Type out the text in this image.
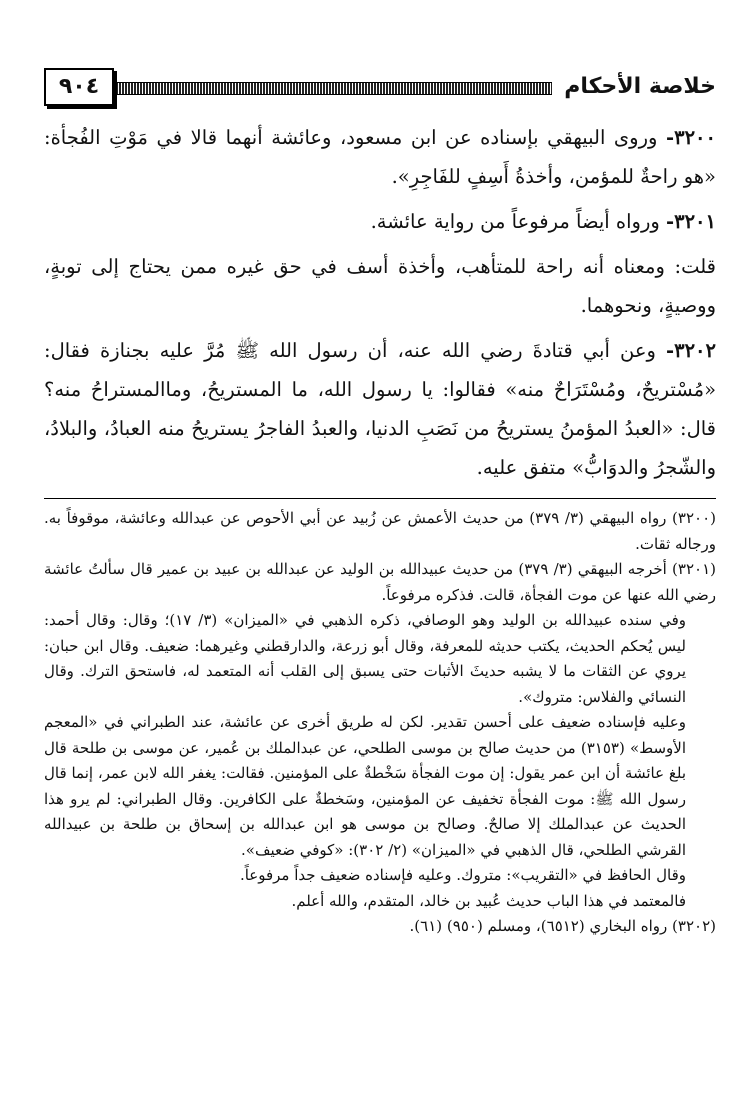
خلاصة الأحكام
٩٠٤

٣٢٠٠- وروى البيهقي بإسناده عن ابن مسعود، وعائشة أنهما قالا في مَوْتِ الفُجأة: «هو راحةٌ للمؤمن، وأخذةُ أَسِفٍ للفَاجِرِ».

٣٢٠١- ورواه أيضاً مرفوعاً من رواية عائشة.

قلت: ومعناه أنه راحة للمتأهب، وأخذة أسف في حق غيره ممن يحتاج إلى توبةٍ، ووصيةٍ، ونحوهما.

٣٢٠٢- وعن أبي قتادةَ رضي الله عنه، أن رسول الله ﷺ مُرَّ عليه بجنازة فقال: «مُسْتريحٌ، ومُسْتَرَاحٌ منه» فقالوا: يا رسول الله، ما المستريحُ، وماالمستراحُ منه؟ قال: «العبدُ المؤمنُ يستريحُ من نَصَبِ الدنيا، والعبدُ الفاجرُ يستريحُ منه العبادُ، والبلادُ، والشّجرُ والدوَابُّ» متفق عليه.

(٣٢٠٠) رواه البيهقي (٣/ ٣٧٩) من حديث الأعمش عن زُبيد عن أبي الأحوص عن عبدالله وعائشة، موقوفاً به. ورجاله ثقات.

(٣٢٠١) أخرجه البيهقي (٣/ ٣٧٩) من حديث عبيدالله بن الوليد عن عبدالله بن عبيد بن عمير قال سألتُ عائشة رضي الله عنها عن موت الفجأة، قالت. فذكره مرفوعاً.

وفي سنده عبيدالله بن الوليد وهو الوصافي، ذكره الذهبي في «الميزان» (٣/ ١٧)؛ وقال: وقال أحمد: ليس يُحكم الحديث، يكتب حديثه للمعرفة، وقال أبو زرعة، والدارقطني وغيرهما: ضعيف. وقال ابن حبان: يروي عن الثقات ما لا يشبه حديثَ الأثبات حتى يسبق إلى القلب أنه المتعمد له، فاستحق الترك. وقال النسائي والفلاس: متروك».

وعليه فإسناده ضعيف على أحسن تقدير. لكن له طريق أخرى عن عائشة، عند الطبراني في «المعجم الأوسط» (٣١٥٣) من حديث صالح بن موسى الطلحي، عن عبدالملك بن عُمير، عن موسى بن طلحة قال بلغ عائشة أن ابن عمر يقول: إن موت الفجأة سَخْطةٌ على المؤمنين. فقالت: يغفر الله لابن عمر، إنما قال رسول الله ﷺ: موت الفجأة تخفيف عن المؤمنين، وسَخطةٌ على الكافرين. وقال الطبراني: لم يرو هذا الحديث عن عبدالملك إلا صالحٌ. وصالح بن موسى هو ابن عبدالله بن إسحاق بن طلحة بن عبيدالله القرشي الطلحي، قال الذهبي في «الميزان» (٢/ ٣٠٢): «كوفي ضعيف».

وقال الحافظ في «التقريب»: متروك. وعليه فإسناده ضعيف جداً مرفوعاً.

فالمعتمد في هذا الباب حديث عُبيد بن خالد، المتقدم، والله أعلم.

(٣٢٠٢) رواه البخاري (٦٥١٢)، ومسلم (٩٥٠) (٦١).
